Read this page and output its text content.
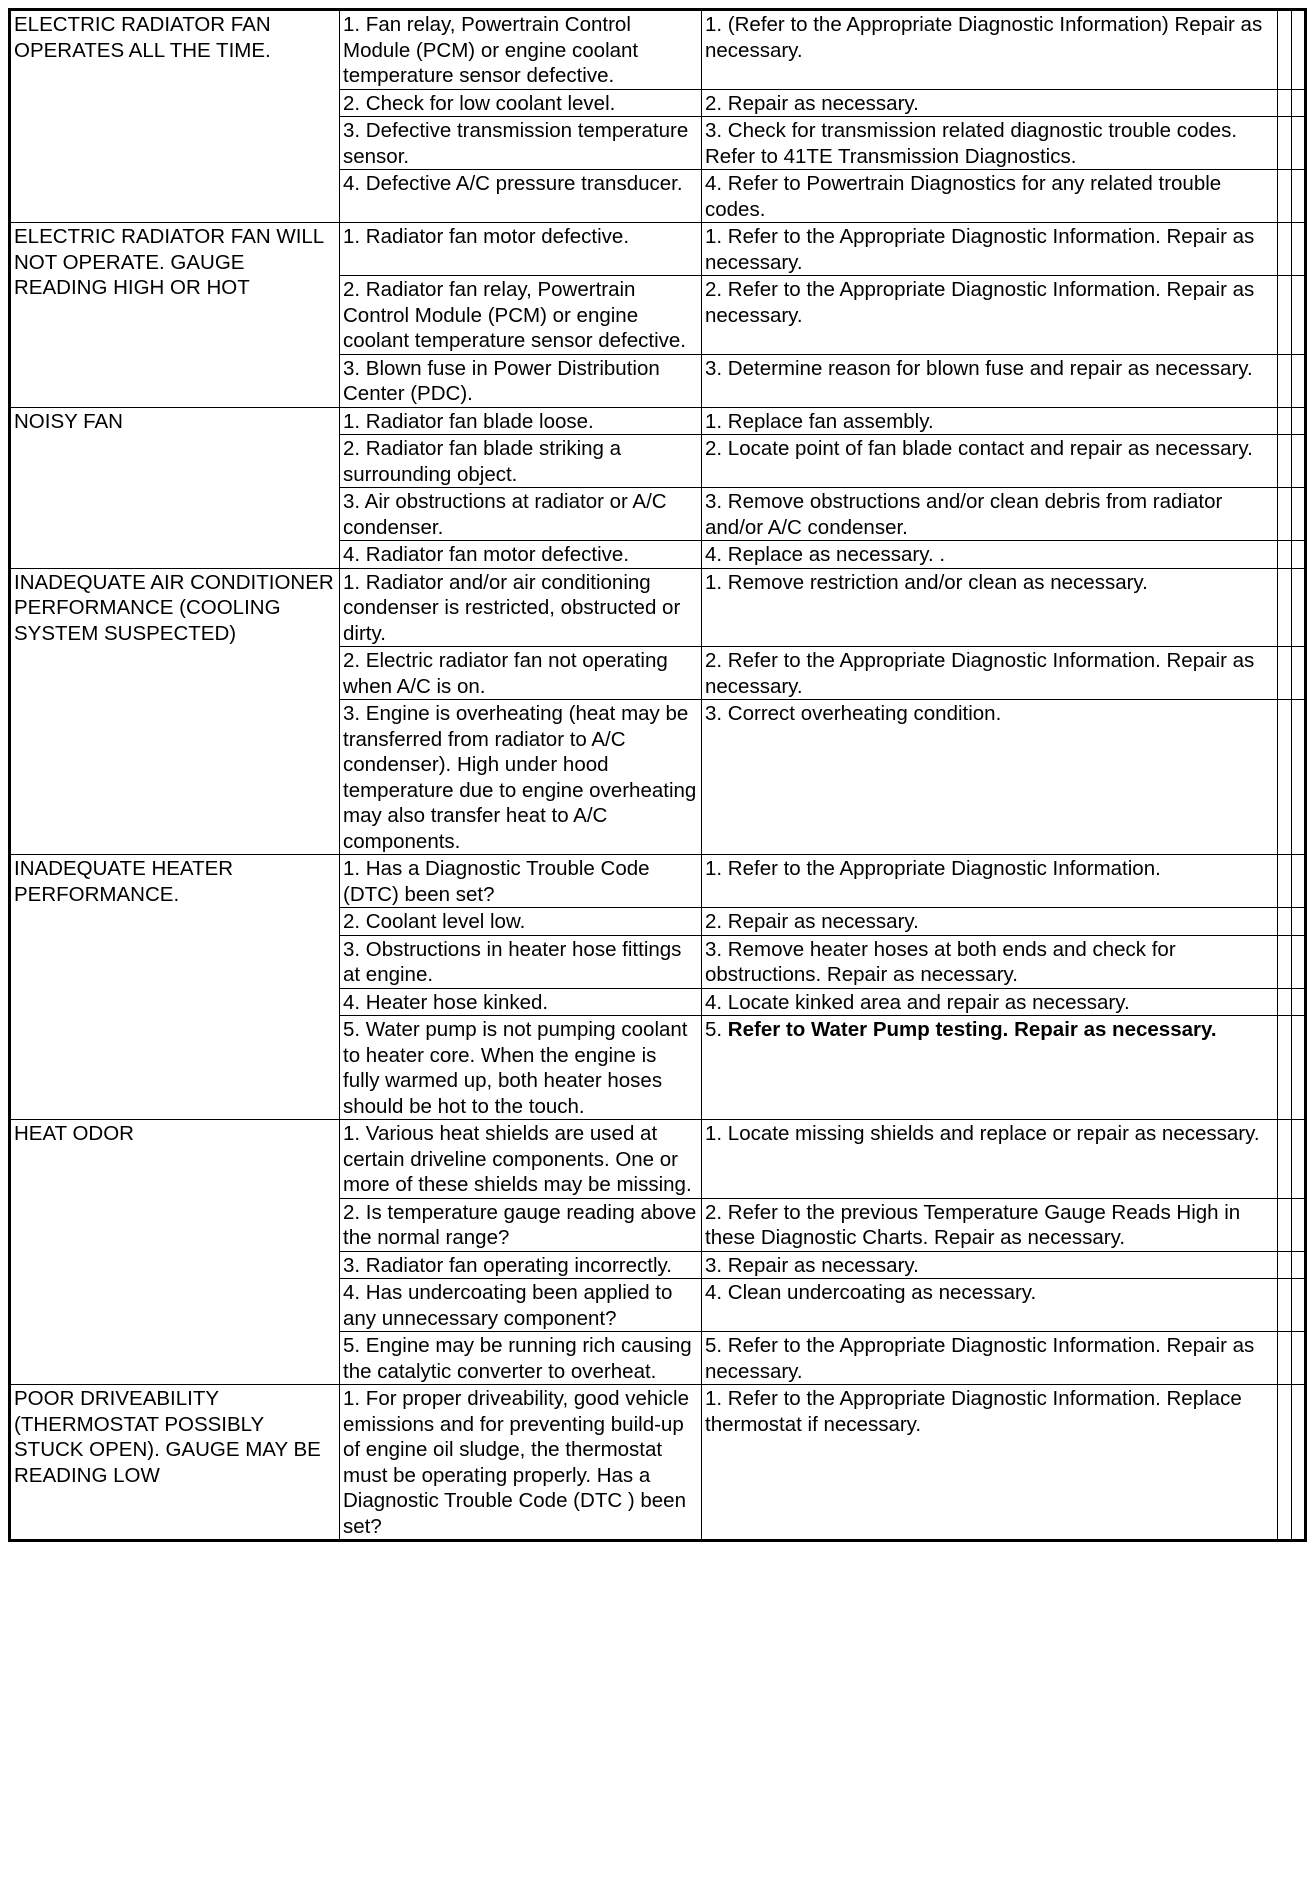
ELECTRIC RADIATOR FAN OPERATES ALL THE TIME.	1. Fan relay, Powertrain Control Module (PCM) or engine coolant temperature sensor defective.	1. (Refer to the Appropriate Diagnostic Information) Repair as necessary.		
	2. Check for low coolant level.	2. Repair as necessary.		
	3. Defective transmission temperature sensor.	3. Check for transmission related diagnostic trouble codes. Refer to 41TE Transmission Diagnostics.		
	4. Defective A/C pressure transducer.	4. Refer to Powertrain Diagnostics for any related trouble codes.		
ELECTRIC RADIATOR FAN WILL NOT OPERATE. GAUGE READING HIGH OR HOT	1. Radiator fan motor defective.	1. Refer to the Appropriate Diagnostic Information. Repair as necessary.		
	2. Radiator fan relay, Powertrain Control Module (PCM) or engine coolant temperature sensor defective.	2. Refer to the Appropriate Diagnostic Information. Repair as necessary.		
	3. Blown fuse in Power Distribution Center (PDC).	3. Determine reason for blown fuse and repair as necessary.		
NOISY FAN	1. Radiator fan blade loose.	1. Replace fan assembly.		
	2. Radiator fan blade striking a surrounding object.	2. Locate point of fan blade contact and repair as necessary.		
	3. Air obstructions at radiator or A/C condenser.	3. Remove obstructions and/or clean debris from radiator and/or A/C condenser.		
	4. Radiator fan motor defective.	4. Replace as necessary. .		
INADEQUATE AIR CONDITIONER PERFORMANCE (COOLING SYSTEM SUSPECTED)	1. Radiator and/or air conditioning condenser is restricted, obstructed or dirty.	1. Remove restriction and/or clean as necessary.		
	2. Electric radiator fan not operating when A/C is on.	2. Refer to the Appropriate Diagnostic Information. Repair as necessary.		
	3. Engine is overheating (heat may be transferred from radiator to A/C condenser). High under hood temperature due to engine overheating may also transfer heat to A/C components.	3. Correct overheating condition.		
INADEQUATE HEATER PERFORMANCE.	1. Has a Diagnostic Trouble Code (DTC) been set?	1. Refer to the Appropriate Diagnostic Information.		
	2. Coolant level low.	2. Repair as necessary.		
	3. Obstructions in heater hose fittings at engine.	3. Remove heater hoses at both ends and check for obstructions. Repair as necessary.		
	4. Heater hose kinked.	4. Locate kinked area and repair as necessary.		
	5. Water pump is not pumping coolant to heater core. When the engine is fully warmed up, both heater hoses should be hot to the touch.	5. Refer to Water Pump testing. Repair as necessary.		
HEAT ODOR	1. Various heat shields are used at certain driveline components. One or more of these shields may be missing.	1. Locate missing shields and replace or repair as necessary.		
	2. Is temperature gauge reading above the normal range?	2. Refer to the previous Temperature Gauge Reads High in these Diagnostic Charts. Repair as necessary.		
	3. Radiator fan operating incorrectly.	3. Repair as necessary.		
	4. Has undercoating been applied to any unnecessary component?	4. Clean undercoating as necessary.		
	5. Engine may be running rich causing the catalytic converter to overheat.	5. Refer to the Appropriate Diagnostic Information. Repair as necessary.		
POOR DRIVEABILITY (THERMOSTAT POSSIBLY STUCK OPEN). GAUGE MAY BE READING LOW	1. For proper driveability, good vehicle emissions and for preventing build-up of engine oil sludge, the thermostat must be operating properly. Has a Diagnostic Trouble Code (DTC ) been set?	1. Refer to the Appropriate Diagnostic Information. Replace thermostat if necessary.		
